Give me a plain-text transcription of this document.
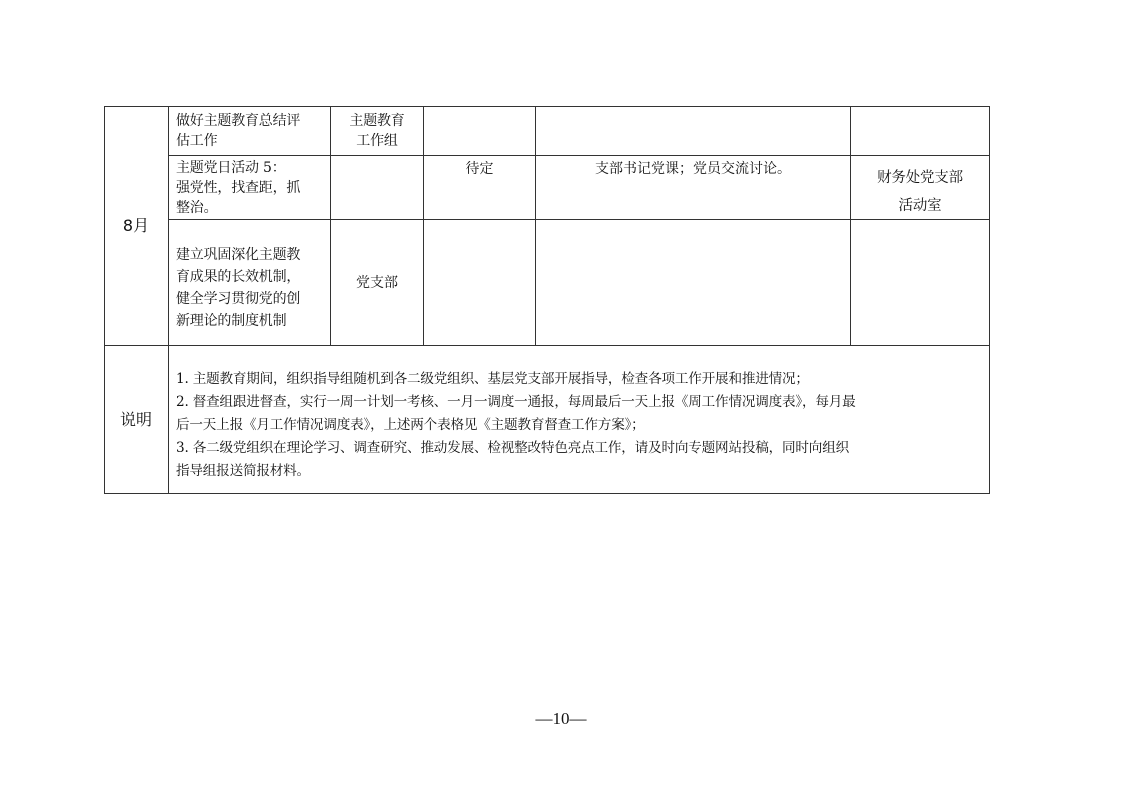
8月
做好主题教育总结评
估工作
主题教育
工作组
主题党日活动 5：
强党性，找查距，抓
整治。
待定	支部书记党课；党员交流讨论。
财务处党支部
活动室
建立巩固深化主题教
育成果的长效机制，
健全学习贯彻党的创
新理论的制度机制
党支部
说明
1. 主题教育期间，组织指导组随机到各二级党组织、基层党支部开展指导，检查各项工作开展和推进情况；
2. 督查组跟进督查，实行一周一计划一考核、一月一调度一通报，每周最后一天上报《周工作情况调度表》，每月最
后一天上报《月工作情况调度表》，上述两个表格见《主题教育督查工作方案》；
3. 各二级党组织在理论学习、调查研究、推动发展、检视整改特色亮点工作，请及时向专题网站投稿，同时向组织
指导组报送简报材料。
—10—
